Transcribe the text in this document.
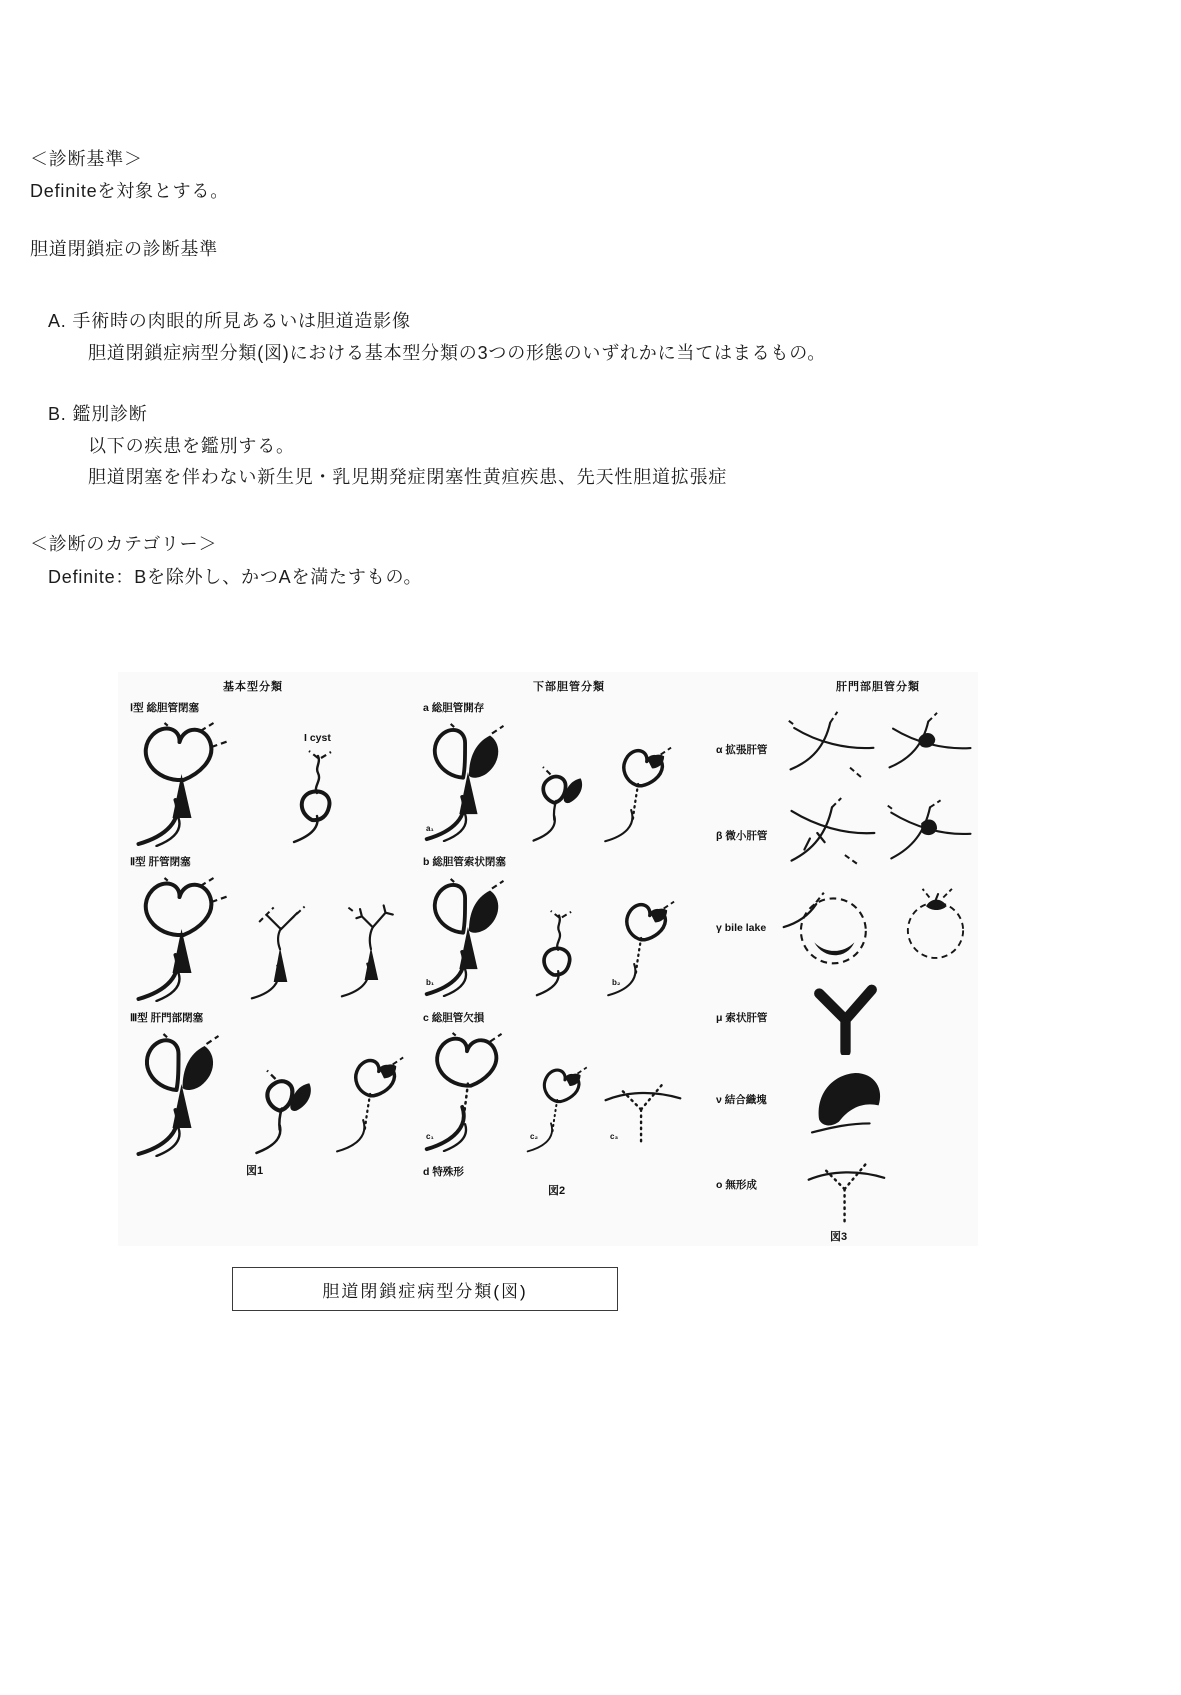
＜診断基準＞
Definiteを対象とする。
胆道閉鎖症の診断基準
A. 手術時の肉眼的所見あるいは胆道造影像
胆道閉鎖症病型分類(図)における基本型分類の3つの形態のいずれかに当てはまるもの。
B. 鑑別診断
以下の疾患を鑑別する。
胆道閉塞を伴わない新生児・乳児期発症閉塞性黄疸疾患、先天性胆道拡張症
＜診断のカテゴリー＞
Definite：Bを除外し、かつAを満たすもの。
基本型分類	下部胆管分類	肝門部胆管分類
Ⅰ型 総胆管閉塞
I cyst
Ⅱ型 肝管閉塞
Ⅲ型 肝門部閉塞
図1
a 総胆管開存
a₁
b 総胆管索状閉塞
b₁	b₂
c 総胆管欠損
c₁	c₂	c₃
d 特殊形
図2
α 拡張肝管
β 微小肝管
γ bile lake
μ 索状肝管
ν 結合織塊
o 無形成
図3
胆道閉鎖症病型分類(図)
